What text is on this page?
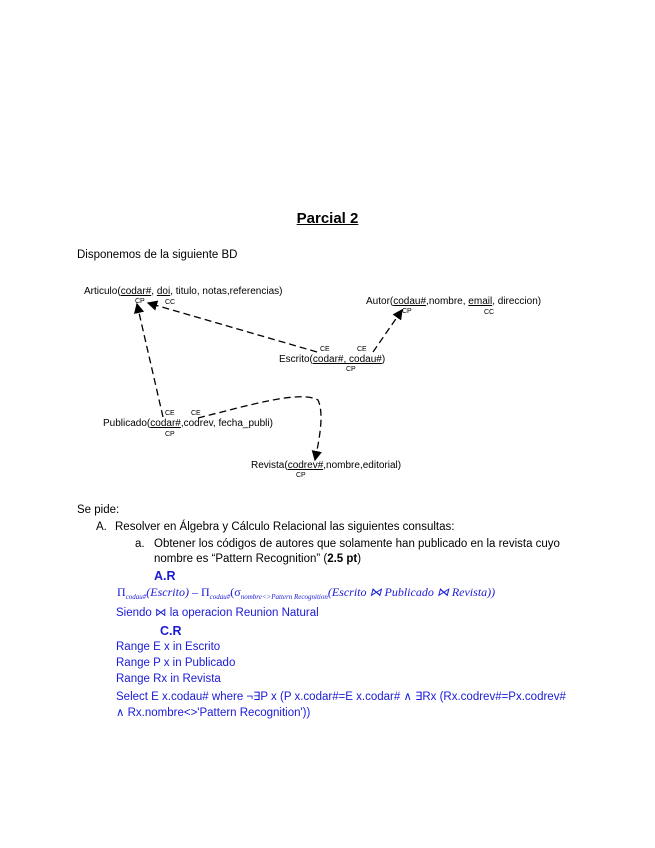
Parcial 2
Disponemos de la siguiente BD
Articulo(codar#, doi, titulo, notas,referencias)
CP	CC	Autor(codau#,nombre, email, direccion)
CP	CC
CE	CE
Escrito(codar#, codau#)
CP
CE CE
Publicado(codar#,codrev, fecha_publi)
CP
Revista(codrev#,nombre,editorial)
CP
Se pide:
A. Resolver en Álgebra y Cálculo Relacional las siguientes consultas:
a. Obtener los códigos de autores que solamente han publicado en la revista cuyo
nombre es “Pattern Recognition” (2.5 pt)
A.R
$\Pi_{codau\#}(Escrito)$ – $\Pi_{codau\#}(\sigma_{nombre<>Pattern Recognition}(Escrito$ ⋈ Publicado ⋈ Revista))
Siendo ⋈ la operacion Reunion Natural
C.R
Range E x in Escrito
Range P x in Publicado
Range Rx in Revista
Select E x.codau# where ¬∃P x (P x.codar#=E x.codar# ∧ ∃Rx (Rx.codrev#=Px.codrev#
∧ Rx.nombre<>'Pattern Recognition'))
